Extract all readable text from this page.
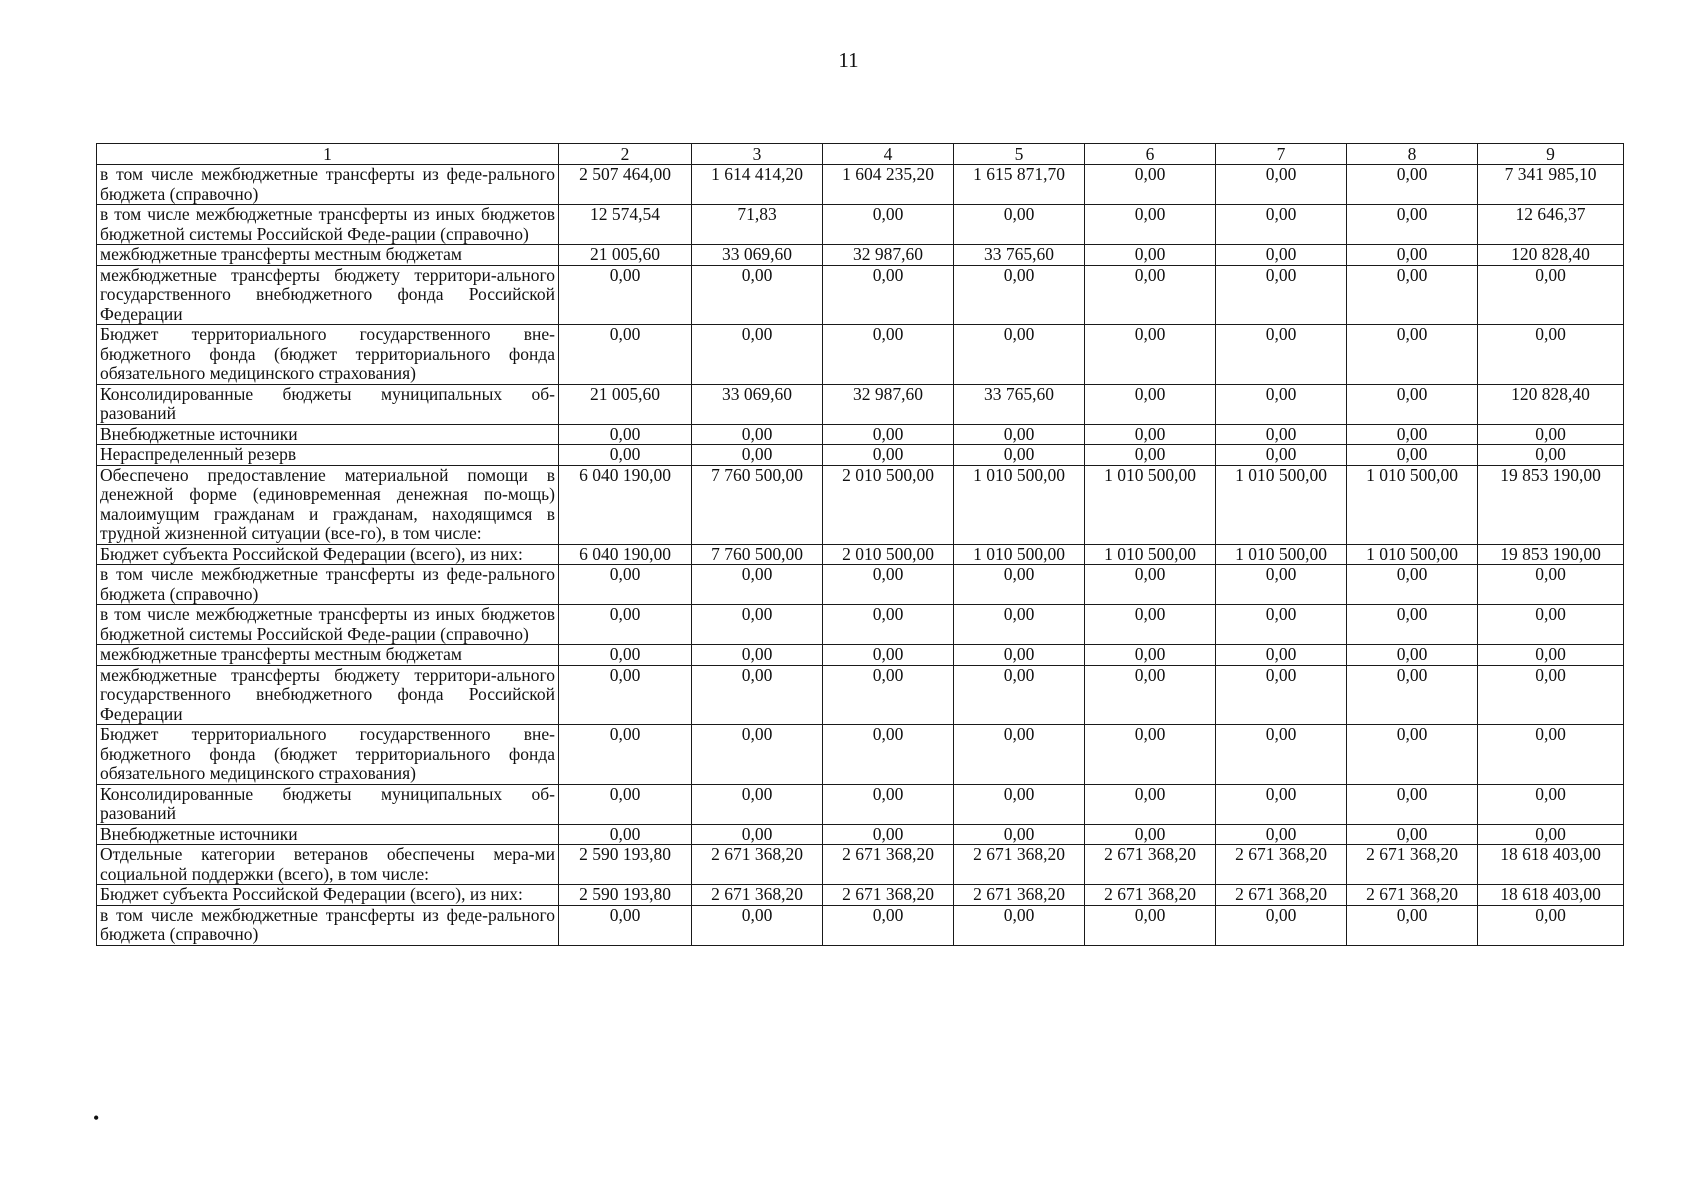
11
1	2	3	4	5	6	7	8	9
в том числе межбюджетные трансферты из феде-ральнoго бюджета (справочно)	2 507 464,00	1 614 414,20	1 604 235,20	1 615 871,70	0,00	0,00	0,00	7 341 985,10
в том числе межбюджетные трансферты из иных бюджетов бюджетной системы Российской Феде-рации (справочно)	12 574,54	71,83	0,00	0,00	0,00	0,00	0,00	12 646,37
межбюджетные трансферты местным бюджетам	21 005,60	33 069,60	32 987,60	33 765,60	0,00	0,00	0,00	120 828,40
межбюджетные трансферты бюджету территори-ального государственного внебюджетного фонда Российской Федерации	0,00	0,00	0,00	0,00	0,00	0,00	0,00	0,00
Бюджет территориального государственного вне-бюджетного фонда (бюджет территориального фонда обязательного медицинского страхования)	0,00	0,00	0,00	0,00	0,00	0,00	0,00	0,00
Консолидированные бюджеты муниципальных об-разований	21 005,60	33 069,60	32 987,60	33 765,60	0,00	0,00	0,00	120 828,40
Внебюджетные источники	0,00	0,00	0,00	0,00	0,00	0,00	0,00	0,00
Нераспределенный резерв	0,00	0,00	0,00	0,00	0,00	0,00	0,00	0,00
Обеспечено предоставление материальной помощи в денежной форме (единовременная денежная по-мощь) малоимущим гражданам и гражданам, находящимся в трудной жизненной ситуации (все-го), в том числе:	6 040 190,00	7 760 500,00	2 010 500,00	1 010 500,00	1 010 500,00	1 010 500,00	1 010 500,00	19 853 190,00
Бюджет субъекта Российской Федерации (всего), из них:	6 040 190,00	7 760 500,00	2 010 500,00	1 010 500,00	1 010 500,00	1 010 500,00	1 010 500,00	19 853 190,00
в том числе межбюджетные трансферты из феде-рального бюджета (справочно)	0,00	0,00	0,00	0,00	0,00	0,00	0,00	0,00
в том числе межбюджетные трансферты из иных бюджетов бюджетной системы Российской Феде-рации (справочно)	0,00	0,00	0,00	0,00	0,00	0,00	0,00	0,00
межбюджетные трансферты местным бюджетам	0,00	0,00	0,00	0,00	0,00	0,00	0,00	0,00
межбюджетные трансферты бюджету территори-ального государственного внебюджетного фонда Российской Федерации	0,00	0,00	0,00	0,00	0,00	0,00	0,00	0,00
Бюджет территориального государственного вне-бюджетного фонда (бюджет территориального фонда обязательного медицинского страхования)	0,00	0,00	0,00	0,00	0,00	0,00	0,00	0,00
Консолидированные бюджеты муниципальных об-разований	0,00	0,00	0,00	0,00	0,00	0,00	0,00	0,00
Внебюджетные источники	0,00	0,00	0,00	0,00	0,00	0,00	0,00	0,00
Отдельные категории ветеранов обеспечены мера-ми социальной поддержки (всего), в том числе:	2 590 193,80	2 671 368,20	2 671 368,20	2 671 368,20	2 671 368,20	2 671 368,20	2 671 368,20	18 618 403,00
Бюджет субъекта Российской Федерации (всего), из них:	2 590 193,80	2 671 368,20	2 671 368,20	2 671 368,20	2 671 368,20	2 671 368,20	2 671 368,20	18 618 403,00
в том числе межбюджетные трансферты из феде-рального бюджета (справочно)	0,00	0,00	0,00	0,00	0,00	0,00	0,00	0,00
•
